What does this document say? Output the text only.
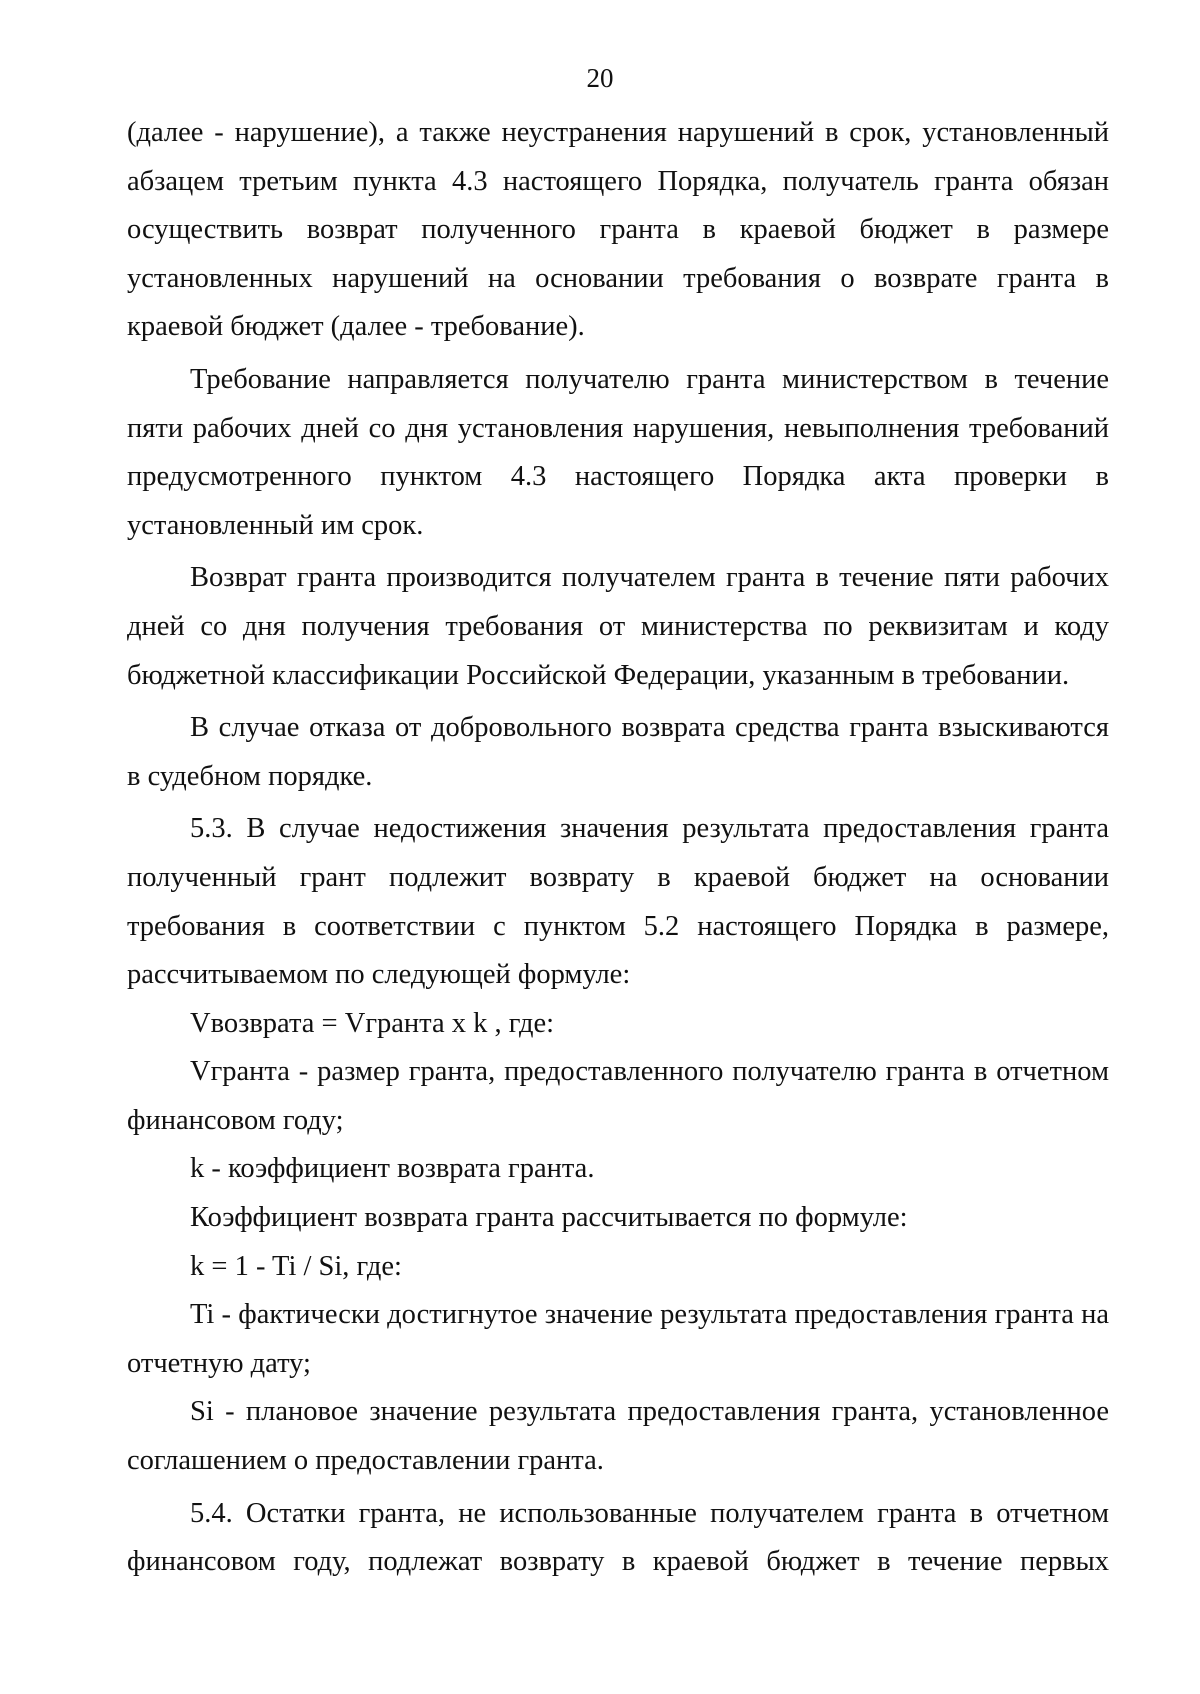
20

(далее - нарушение), а также неустранения нарушений в срок, установленный абзацем третьим пункта 4.3 настоящего Порядка, получатель гранта обязан осуществить возврат полученного гранта в краевой бюджет в размере установленных нарушений на основании требования о возврате гранта в краевой бюджет (далее - требование).

Требование направляется получателю гранта министерством в течение пяти рабочих дней со дня установления нарушения, невыполнения требований предусмотренного пунктом 4.3 настоящего Порядка акта проверки в установленный им срок.

Возврат гранта производится получателем гранта в течение пяти рабочих дней со дня получения требования от министерства по реквизитам и коду бюджетной классификации Российской Федерации, указанным в требовании.

В случае отказа от добровольного возврата средства гранта взыскиваются в судебном порядке.

5.3. В случае недостижения значения результата предоставления гранта полученный грант подлежит возврату в краевой бюджет на основании требования в соответствии с пунктом 5.2 настоящего Порядка в размере, рассчитываемом по следующей формуле:

Vвозврата = Vгранта x k , где:

Vгранта - размер гранта, предоставленного получателю гранта в отчетном финансовом году;

k - коэффициент возврата гранта.

Коэффициент возврата гранта рассчитывается по формуле:

k = 1 - Ti / Si, где:

Ti - фактически достигнутое значение результата предоставления гранта на отчетную дату;

Si - плановое значение результата предоставления гранта, установленное соглашением о предоставлении гранта.

5.4. Остатки гранта, не использованные получателем гранта в отчетном финансовом году, подлежат возврату в краевой бюджет в течение первых
